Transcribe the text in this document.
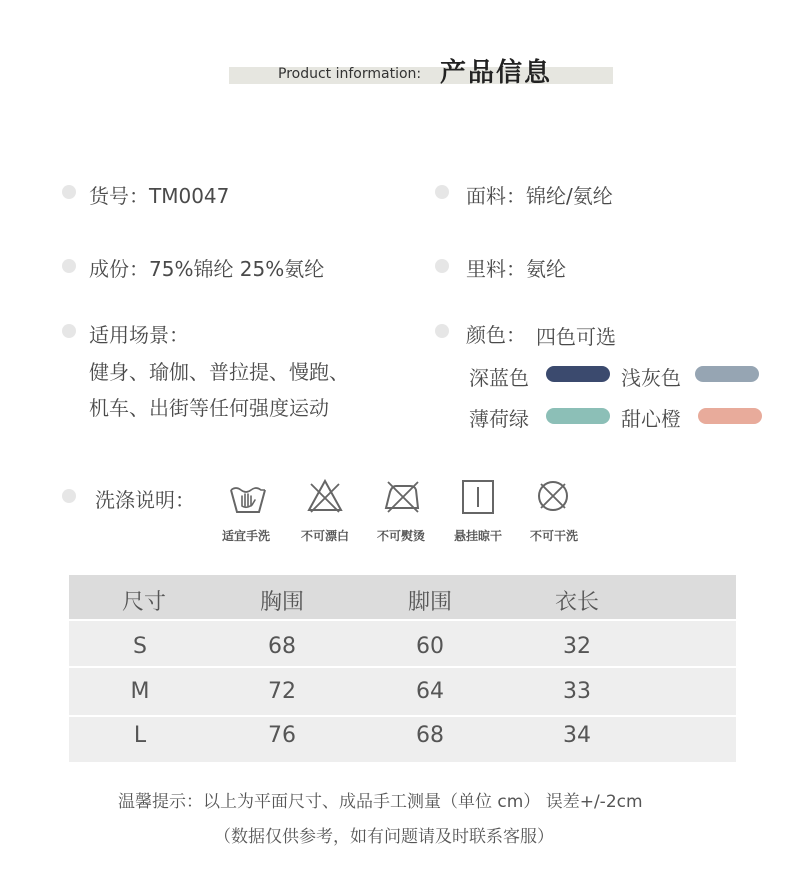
Product information: 产品信息
货号：TM0047
成份：75%锦纶 25%氨纶
适用场景：
健身、瑜伽、普拉提、慢跑、
机车、出街等任何强度运动
面料：锦纶/氨纶
里料：氨纶
颜色： 四色可选
深蓝色	浅灰色
薄荷绿	甜心橙
洗涤说明：
适宜手洗	不可漂白	不可熨烫	悬挂晾干	不可干洗
尺寸	胸围	脚围	衣长
S	68	60	32
M	72	64	33
L	76	68	34
温馨提示：以上为平面尺寸、成品手工测量（单位 cm） 误差+/-2cm
（数据仅供参考，如有问题请及时联系客服）
